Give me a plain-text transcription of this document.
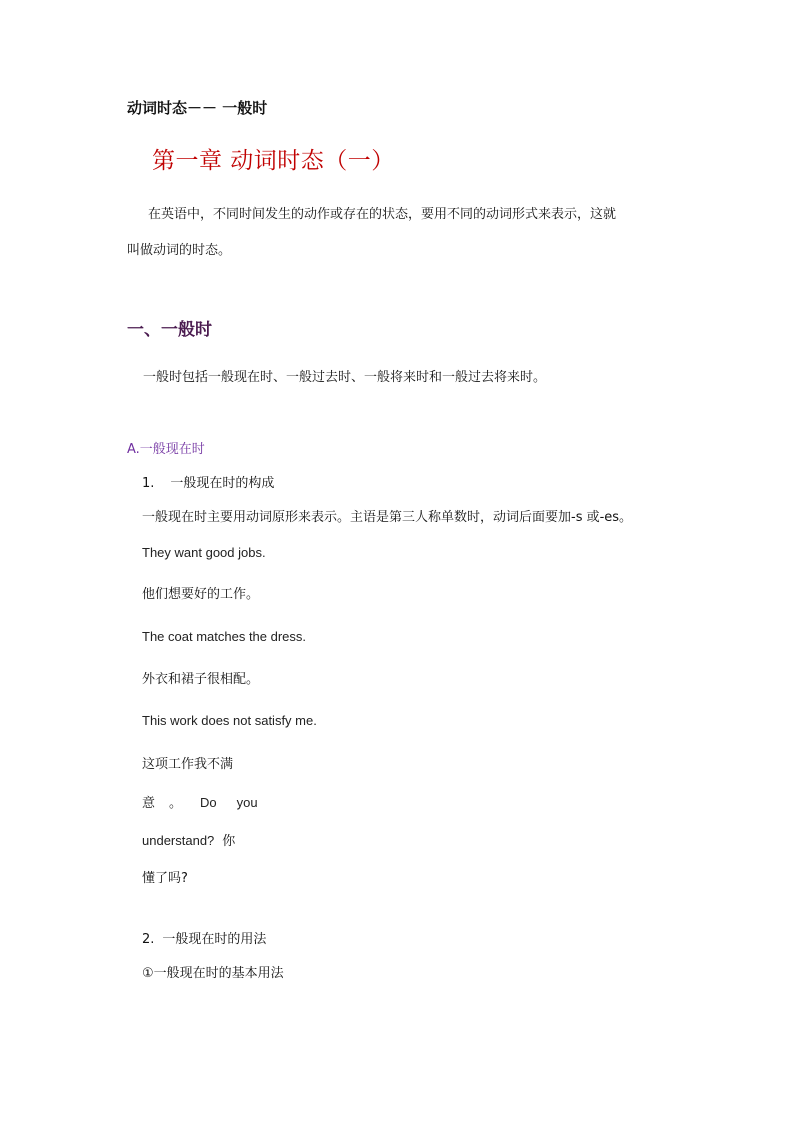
动词时态－－ 一般时
第一章 动词时态（一）
在英语中，不同时间发生的动作或存在的状态，要用不同的动词形式来表示，这就
叫做动词的时态。
一、一般时
一般时包括一般现在时、一般过去时、一般将来时和一般过去将来时。
A.一般现在时
1. 一般现在时的构成
一般现在时主要用动词原形来表示。主语是第三人称单数时，动词后面要加-s 或-es。
They want good jobs.
他们想要好的工作。
The coat matches the dress.
外衣和裙子很相配。
This work does not satisfy me.
这项工作我不满
意 。 Do you
understand? 你
懂了吗?
2. 一般现在时的用法
①一般现在时的基本用法
